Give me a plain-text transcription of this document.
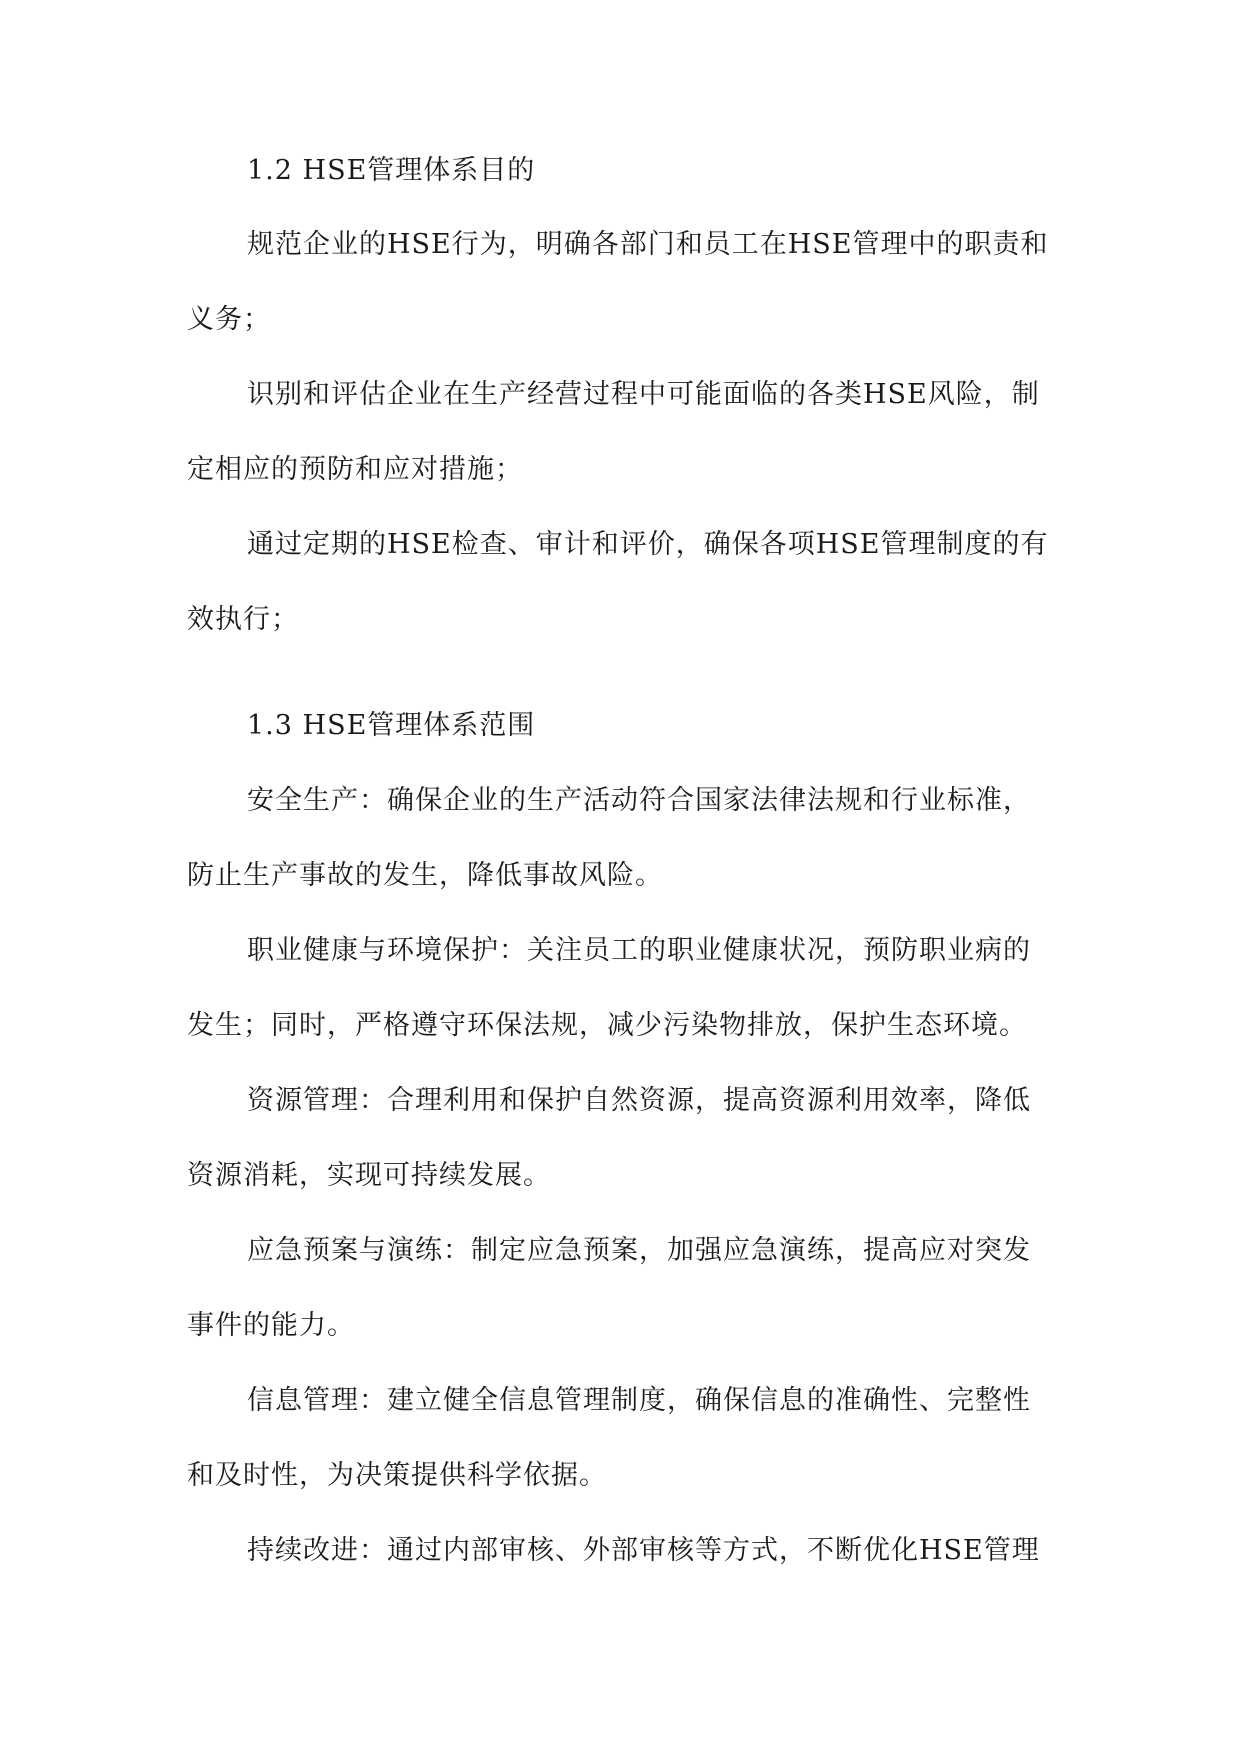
1.2 HSE管理体系目的

规范企业的HSE行为，明确各部门和员工在HSE管理中的职责和义务；

识别和评估企业在生产经营过程中可能面临的各类HSE风险，制定相应的预防和应对措施；

通过定期的HSE检查、审计和评价，确保各项HSE管理制度的有效执行；

1.3 HSE管理体系范围

安全生产：确保企业的生产活动符合国家法律法规和行业标准，防止生产事故的发生，降低事故风险。

职业健康与环境保护：关注员工的职业健康状况，预防职业病的发生；同时，严格遵守环保法规，减少污染物排放，保护生态环境。

资源管理：合理利用和保护自然资源，提高资源利用效率，降低资源消耗，实现可持续发展。

应急预案与演练：制定应急预案，加强应急演练，提高应对突发事件的能力。

信息管理：建立健全信息管理制度，确保信息的准确性、完整性和及时性，为决策提供科学依据。

持续改进：通过内部审核、外部审核等方式，不断优化HSE管理
